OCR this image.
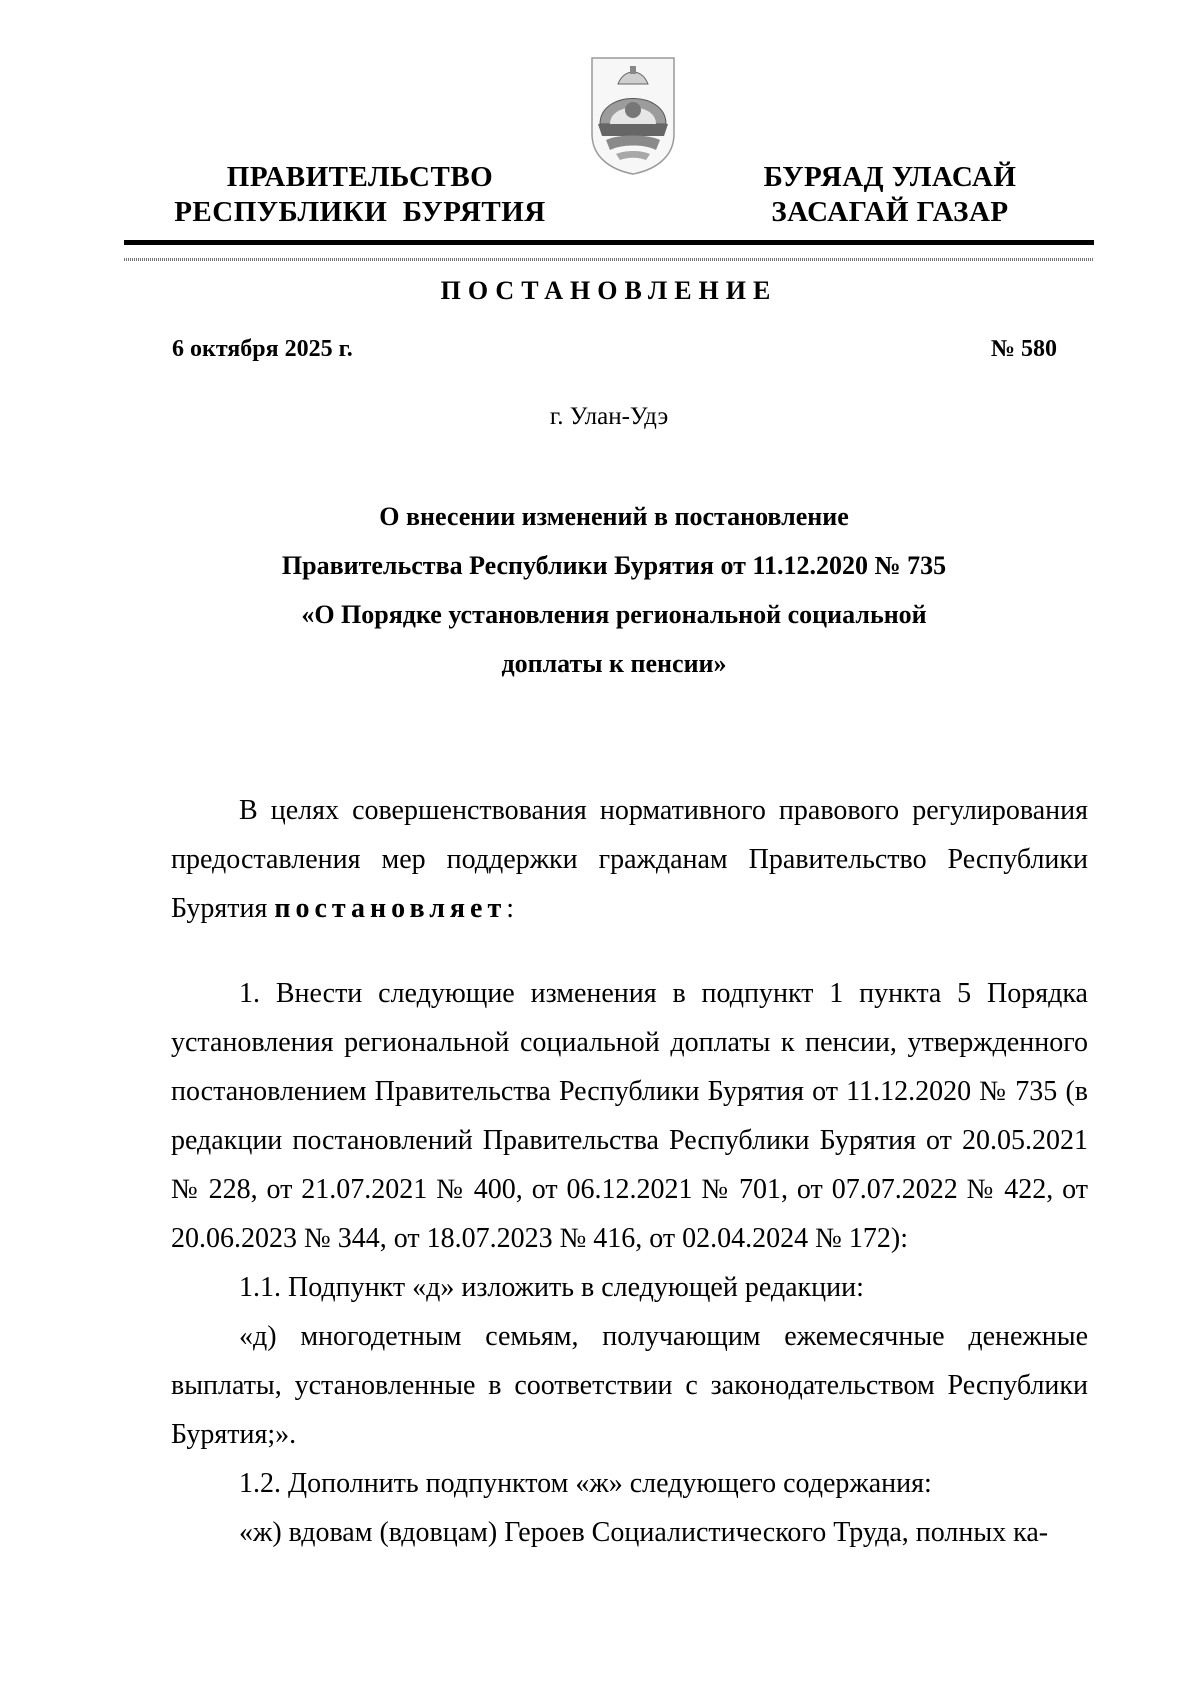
ПРАВИТЕЛЬСТВО
РЕСПУБЛИКИ  БУРЯТИЯ
БУРЯАД УЛАСАЙ
ЗАСАГАЙ ГАЗАР
ПОСТАНОВЛЕНИЕ
6 октября 2025 г.	№ 580
г. Улан-Удэ
О внесении изменений в постановление
Правительства Республики Бурятия от 11.12.2020 № 735
«О Порядке установления региональной социальной
доплаты к пенсии»

В целях совершенствования нормативного правового регулирования предоставления мер поддержки гражданам Правительство Республики Бурятия постановляет:

1. Внести следующие изменения в подпункт 1 пункта 5 Порядка установления региональной социальной доплаты к пенсии, утвержденного постановлением Правительства Республики Бурятия от 11.12.2020 № 735 (в редакции постановлений Правительства Республики Бурятия от 20.05.2021 № 228, от 21.07.2021 № 400, от 06.12.2021 № 701, от 07.07.2022 № 422, от 20.06.2023 № 344, от 18.07.2023 № 416, от 02.04.2024 № 172):

1.1. Подпункт «д» изложить в следующей редакции:

«д) многодетным семьям, получающим ежемесячные денежные выплаты, установленные в соответствии с законодательством Республики Бурятия;».

1.2. Дополнить подпунктом «ж» следующего содержания:

«ж) вдовам (вдовцам) Героев Социалистического Труда, полных ка-
